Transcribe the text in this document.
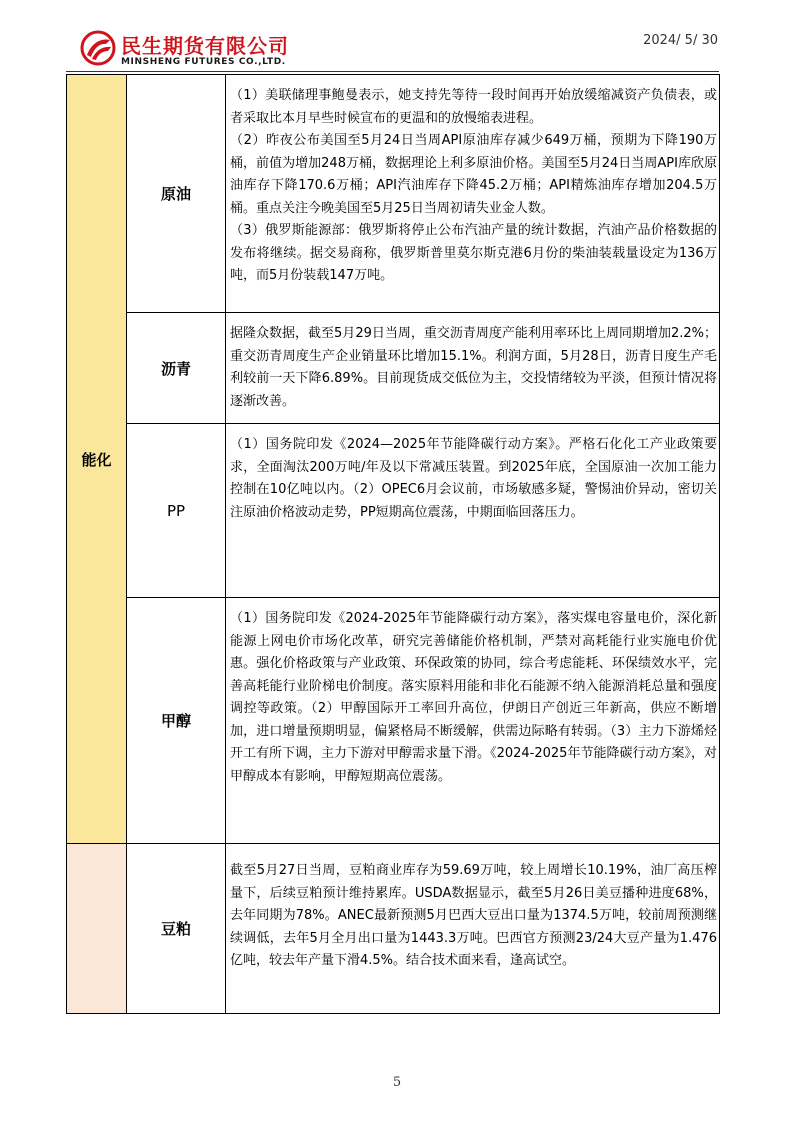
民生期货有限公司
MINSHENG FUTURES CO.,LTD.
2024/ 5/ 30
能化	原油	（1）美联储理事鲍曼表示，她支持先等待一段时间再开始放缓缩减资产负债表，或者采取比本月早些时候宣布的更温和的放慢缩表进程。
（2）昨夜公布美国至5月24日当周API原油库存减少649万桶，预期为下降190万桶，前值为增加248万桶，数据理论上利多原油价格。美国至5月24日当周API库欣原油库存下降170.6万桶；API汽油库存下降45.2万桶；API精炼油库存增加204.5万桶。重点关注今晚美国至5月25日当周初请失业金人数。
（3）俄罗斯能源部：俄罗斯将停止公布汽油产量的统计数据，汽油产品价格数据的发布将继续。据交易商称，俄罗斯普里莫尔斯克港6月份的柴油装载量设定为136万吨，而5月份装载147万吨。

	沥青	据隆众数据，截至5月29日当周，重交沥青周度产能利用率环比上周同期增加2.2%；重交沥青周度生产企业销量环比增加15.1%。利润方面，5月28日，沥青日度生产毛利较前一天下降6.89%。目前现货成交低位为主，交投情绪较为平淡，但预计情况将逐渐改善。

	PP	（1）国务院印发《2024—2025年节能降碳行动方案》。严格石化化工产业政策要求，全面淘汰200万吨/年及以下常减压装置。到2025年底，全国原油一次加工能力控制在10亿吨以内。（2）OPEC6月会议前，市场敏感多疑，警惕油价异动，密切关注原油价格波动走势，PP短期高位震荡，中期面临回落压力。

	甲醇	（1）国务院印发《2024-2025年节能降碳行动方案》，落实煤电容量电价，深化新能源上网电价市场化改革，研究完善储能价格机制，严禁对高耗能行业实施电价优惠。强化价格政策与产业政策、环保政策的协同，综合考虑能耗、环保绩效水平，完善高耗能行业阶梯电价制度。落实原料用能和非化石能源不纳入能源消耗总量和强度调控等政策。（2）甲醇国际开工率回升高位，伊朗日产创近三年新高，供应不断增加，进口增量预期明显，偏紧格局不断缓解，供需边际略有转弱。（3）主力下游烯烃开工有所下调，主力下游对甲醇需求量下滑。《2024-2025年节能降碳行动方案》，对甲醇成本有影响，甲醇短期高位震荡。

	豆粕	截至5月27日当周，豆粕商业库存为59.69万吨，较上周增长10.19%，油厂高压榨量下，后续豆粕预计维持累库。USDA数据显示，截至5月26日美豆播种进度68%，去年同期为78%。ANEC最新预测5月巴西大豆出口量为1374.5万吨，较前周预测继续调低，去年5月全月出口量为1443.3万吨。巴西官方预测23/24大豆产量为1.476亿吨，较去年产量下滑4.5%。结合技术面来看，逢高试空。
5
